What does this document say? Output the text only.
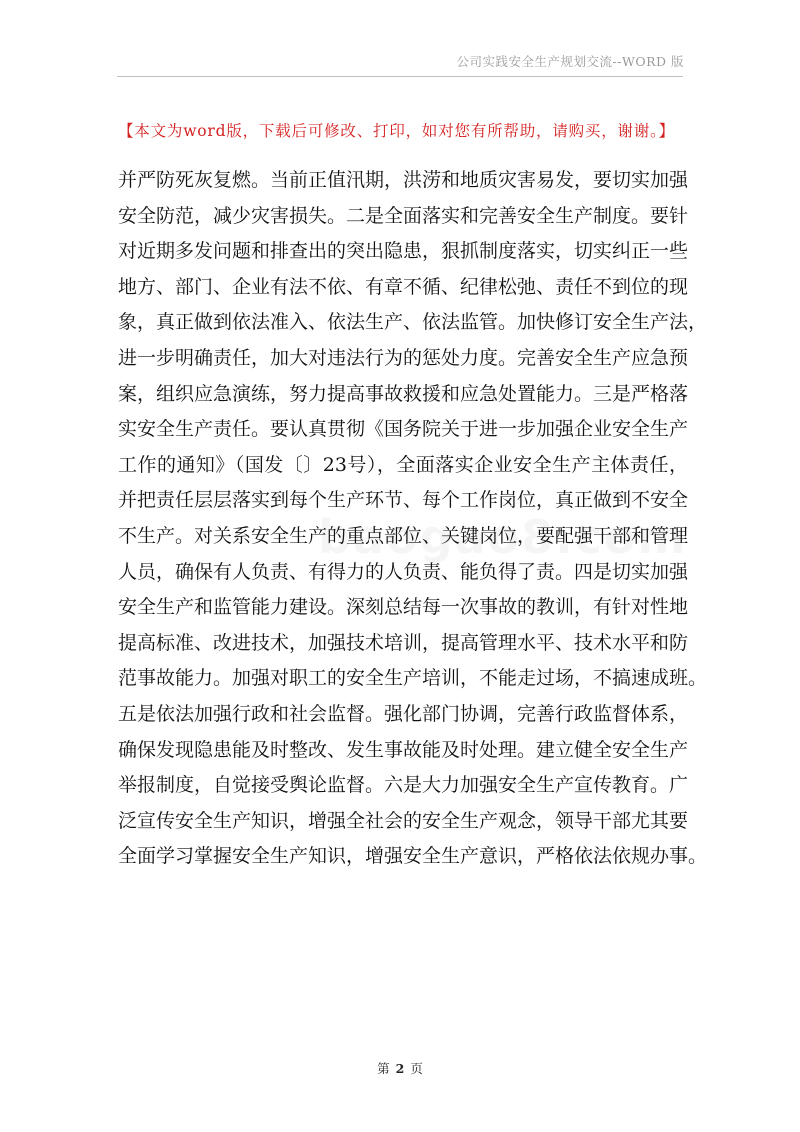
公司实践安全生产规划交流--WORD 版
【本文为word版，下载后可修改、打印，如对您有所帮助，请购买，谢谢。】
并严防死灰复燃。当前正值汛期，洪涝和地质灾害易发，要切实加强
安全防范，减少灾害损失。二是全面落实和完善安全生产制度。要针
对近期多发问题和排查出的突出隐患，狠抓制度落实，切实纠正一些
地方、部门、企业有法不依、有章不循、纪律松弛、责任不到位的现
象，真正做到依法准入、依法生产、依法监管。加快修订安全生产法，
进一步明确责任，加大对违法行为的惩处力度。完善安全生产应急预
案，组织应急演练，努力提高事故救援和应急处置能力。三是严格落
实安全生产责任。要认真贯彻《国务院关于进一步加强企业安全生产
工作的通知》（国发〔〕23号），全面落实企业安全生产主体责任，
并把责任层层落实到每个生产环节、每个工作岗位，真正做到不安全
不生产。对关系安全生产的重点部位、关键岗位，要配强干部和管理
人员，确保有人负责、有得力的人负责、能负得了责。四是切实加强
安全生产和监管能力建设。深刻总结每一次事故的教训，有针对性地
提高标准、改进技术，加强技术培训，提高管理水平、技术水平和防
范事故能力。加强对职工的安全生产培训，不能走过场，不搞速成班。
五是依法加强行政和社会监督。强化部门协调，完善行政监督体系，
确保发现隐患能及时整改、发生事故能及时处理。建立健全安全生产
举报制度，自觉接受舆论监督。六是大力加强安全生产宣传教育。广
泛宣传安全生产知识，增强全社会的安全生产观念，领导干部尤其要
全面学习掌握安全生产知识，增强安全生产意识，严格依法依规办事。
第 2 页
